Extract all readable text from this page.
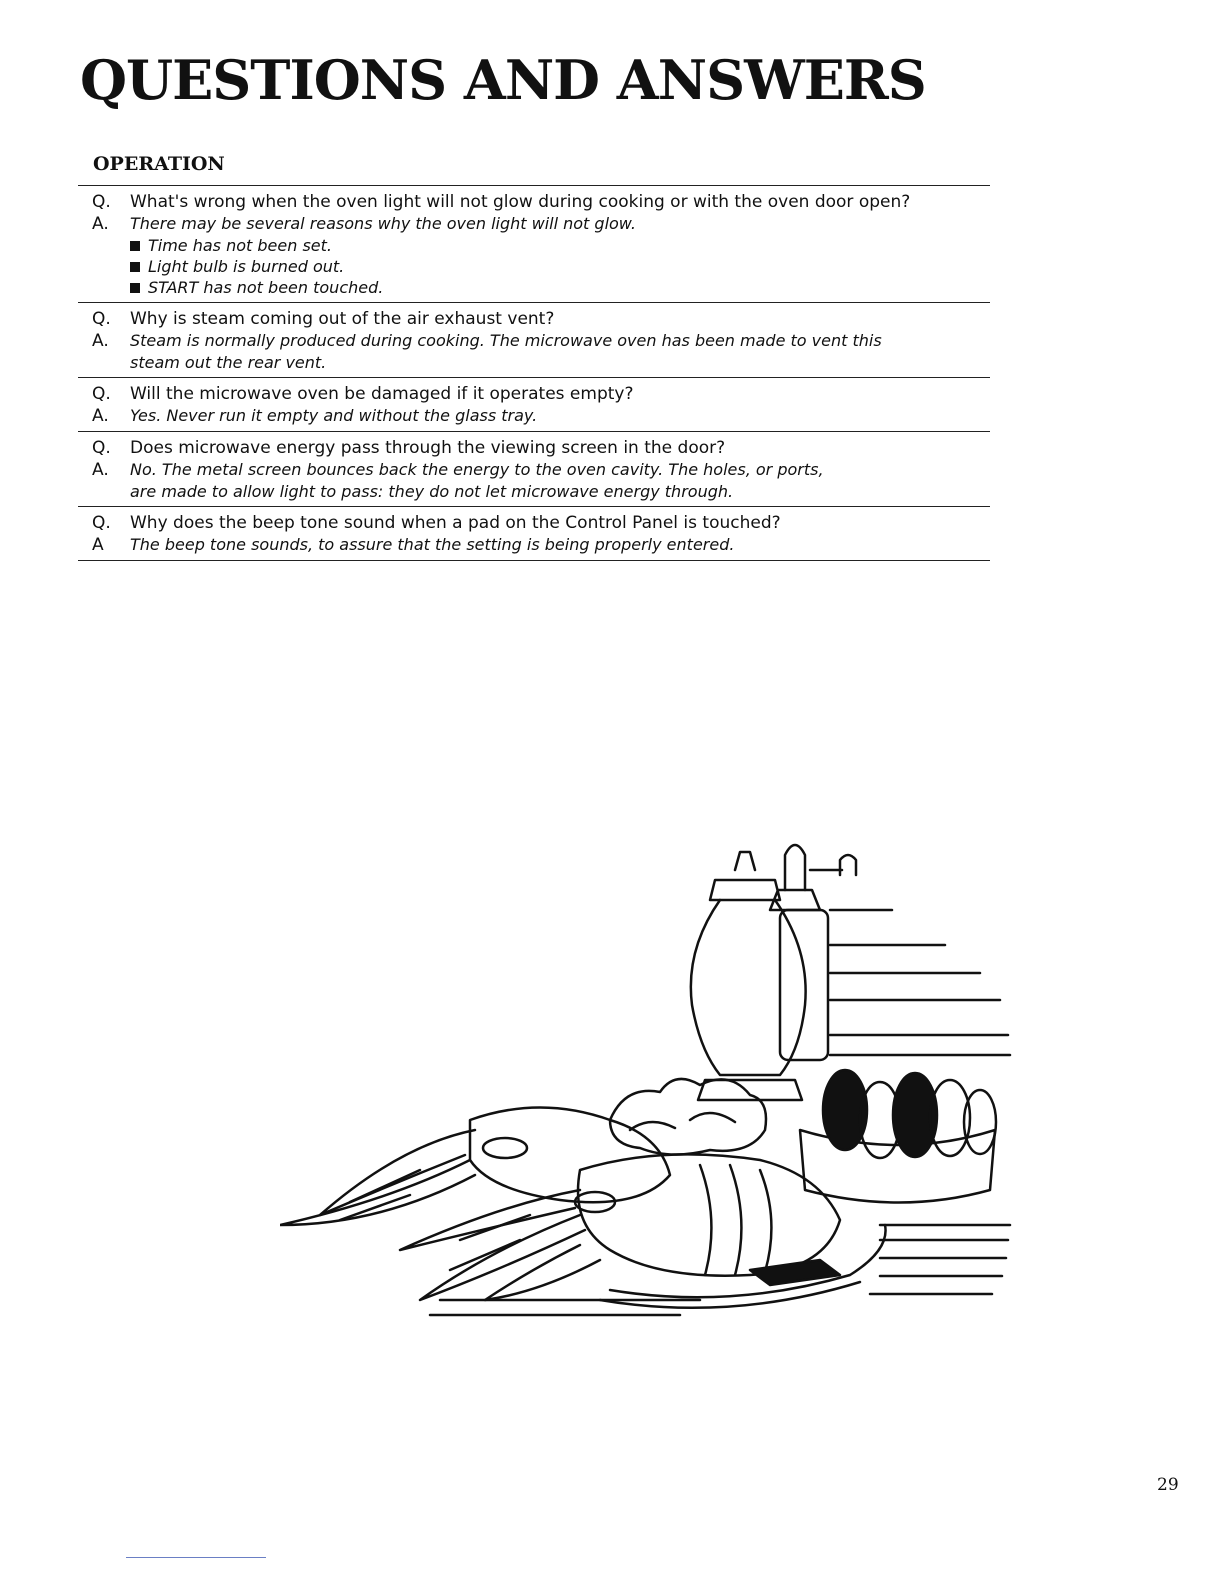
QUESTIONS AND ANSWERS
OPERATION
Q.	What's wrong when the oven light will not glow during cooking or with the oven door open?
A.	There may be several reasons why the oven light will not glow.
Time has not been set.
Light bulb is burned out.
START has not been touched.
Q.	Why is steam coming out of the air exhaust vent?
A.	Steam is normally produced during cooking. The microwave oven has been made to vent this
steam out the rear vent.
Q.	Will the microwave oven be damaged if it operates empty?
A.	Yes. Never run it empty and without the glass tray.
Q.	Does microwave energy pass through the viewing screen in the door?
A.	No. The metal screen bounces back the energy to the oven cavity. The holes, or ports,
are made to allow light to pass: they do not let microwave energy through.
Q.	Why does the beep tone sound when a pad on the Control Panel is touched?
A	The beep tone sounds, to assure that the setting is being properly entered.
29
